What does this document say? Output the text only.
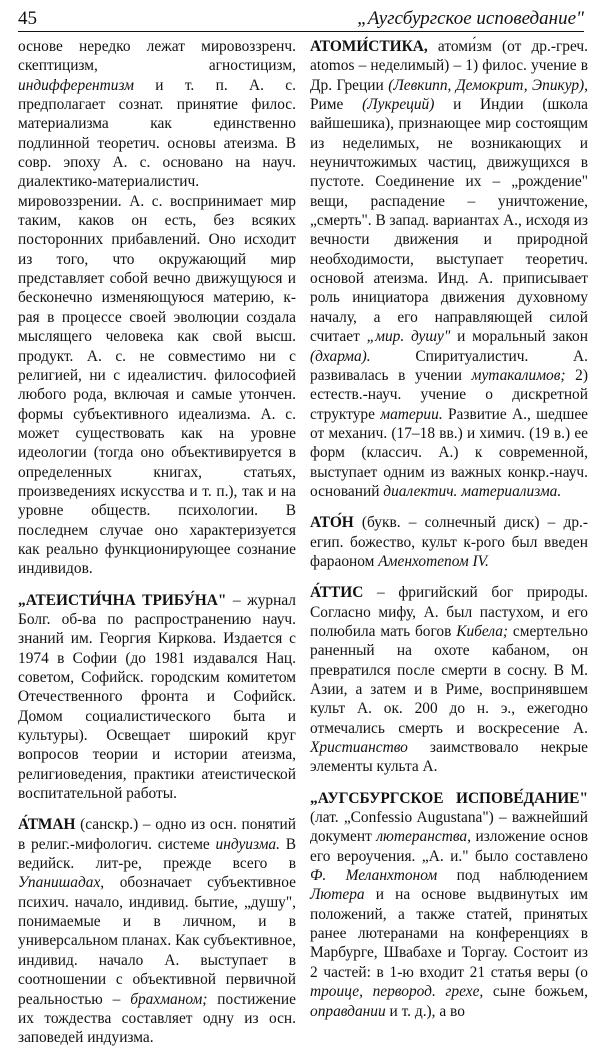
45	„Аугсбургское исповедание"

основе нередко лежат мировоззренч. скептицизм, агностицизм, индифферентизм и т. п. А. с. предполагает сознат. принятие филос. материализма как единственно подлинной теоретич. основы атеизма. В совр. эпоху А. с. основано на науч. диалектико-материалистич. мировоззрении. А. с. воспринимает мир таким, каков он есть, без всяких посторонних прибавлений. Оно исходит из того, что окружающий мир представляет собой вечно движущуюся и бесконечно изменяющуюся материю, к-рая в процессе своей эволюции создала мыслящего человека как свой высш. продукт. А. с. не совместимо ни с религией, ни с идеалистич. философией любого рода, включая и самые утончен. формы субъективного идеализма. А. с. может существовать как на уровне идеологии (тогда оно объективируется в определенных книгах, статьях, произведениях искусства и т. п.), так и на уровне обществ. психологии. В последнем случае оно характеризуется как реально функционирующее сознание индивидов.

„АТЕИСТИ́ЧНА ТРИБУ́НА" – журнал Болг. об-ва по распространению науч. знаний им. Георгия Киркова. Издается с 1974 в Софии (до 1981 издавался Нац. советом, Софийск. городским комитетом Отечественного фронта и Софийск. Домом социалистического быта и культуры). Освещает широкий круг вопросов теории и истории атеизма, религиоведения, практики атеистической воспитательной работы.

А́ТМАН (санскр.) – одно из осн. понятий в религ.-мифологич. системе индуизма. В ведийск. лит-ре, прежде всего в Упанишадах, обозначает субъективное психич. начало, индивид. бытие, „душу", понимаемые и в личном, и в универсальном планах. Как субъективное, индивид. начало А. выступает в соотношении с объективной первичной реальностью – брахманом; постижение их тождества составляет одну из осн. заповедей индуизма.

АТОМИ́СТИКА, атоми́зм (от др.-греч. atomos – неделимый) – 1) филос. учение в Др. Греции (Левкипп, Демокрит, Эпикур), Риме (Лукреций) и Индии (школа вайшешика), признающее мир состоящим из неделимых, не возникающих и неуничтожимых частиц, движущихся в пустоте. Соединение их – „рождение" вещи, распадение – уничтожение, „смерть". В запад. вариантах А., исходя из вечности движения и природной необходимости, выступает теоретич. основой атеизма. Инд. А. приписывает роль инициатора движения духовному началу, а его направляющей силой считает „мир. душу" и моральный закон (дхарма). Спиритуалистич. А. развивалась в учении мутакалимов; 2) естеств.-науч. учение о дискретной структуре материи. Развитие А., шедшее от механич. (17–18 вв.) и химич. (19 в.) ее форм (классич. А.) к современной, выступает одним из важных конкр.-науч. оснований диалектич. материализма.

АТО́Н (букв. – солнечный диск) – др.-егип. божество, культ к-рого был введен фараоном Аменхотепом IV.

А́ТТИС – фригийский бог природы. Согласно мифу, А. был пастухом, и его полюбила мать богов Кибела; смертельно раненный на охоте кабаном, он превратился после смерти в сосну. В М. Азии, а затем и в Риме, воспринявшем культ А. ок. 200 до н. э., ежегодно отмечались смерть и воскресение А. Христианство заимствовало некрые элементы культа А.

„АУГСБУРГСКОЕ ИСПОВЕ́ДАНИЕ" (лат. „Confessio Augustana") – важнейший документ лютеранства, изложение основ его вероучения. „А. и." было составлено Ф. Меланхтоном под наблюдением Лютера и на основе выдвинутых им положений, а также статей, принятых ранее лютеранами на конференциях в Марбурге, Швабахе и Торгау. Состоит из 2 частей: в 1-ю входит 21 статья веры (о троице, первород. грехе, сыне божьем, оправдании и т. д.), а во
